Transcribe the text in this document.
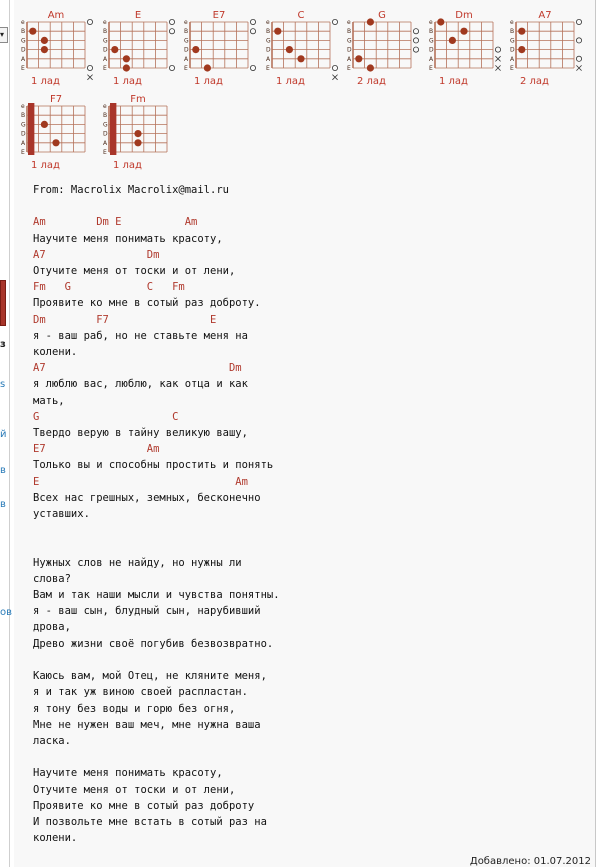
▾
з
s
й
в
в
ов
Am
e
B
G
D
A
E
1 лад
E
e
B
G
D
A
E
1 лад
E7
e
B
G
D
A
E
1 лад
C
e
B
G
D
A
E
1 лад
G
e
B
G
D
A
E
2 лад
Dm
e
B
G
D
A
E
1 лад
A7
e
B
G
D
A
E
2 лад
F7
e
B
G
D
A
E
1 лад
Fm
e
B
G
D
A
E
1 лад
From: Macrolix Macrolix@mail.ru

Am        Dm E          Am
Научите меня понимать красоту,
A7                Dm
Отучите меня от тоски и от лени,
Fm   G            C   Fm
Проявите ко мне в сотый раз доброту.
Dm        F7                E
я - ваш раб, но не ставьте меня на
колени.
A7                             Dm
я люблю вас, люблю, как отца и как
мать,
G                     C
Твердо верую в тайну великую вашу,
E7                Am
Только вы и способны простить и понять
E                               Am
Всех нас грешных, земных, бесконечно
уставших.

Нужных слов не найду, но нужны ли
слова?
Вам и так наши мысли и чувства понятны.
я - ваш сын, блудный сын, нарубивший
дрова,
Древо жизни своё погубив безвозвратно.

Каюсь вам, мой Отец, не кляните меня,
я и так уж виною своей распластан.
я тону без воды и горю без огня,
Мне не нужен ваш меч, мне нужна ваша
ласка.

Научите меня понимать красоту,
Отучите меня от тоски и от лени,
Проявите ко мне в сотый раз доброту
И позвольте мне встать в сотый раз на
колени.

Добавлено: 01.07.2012
